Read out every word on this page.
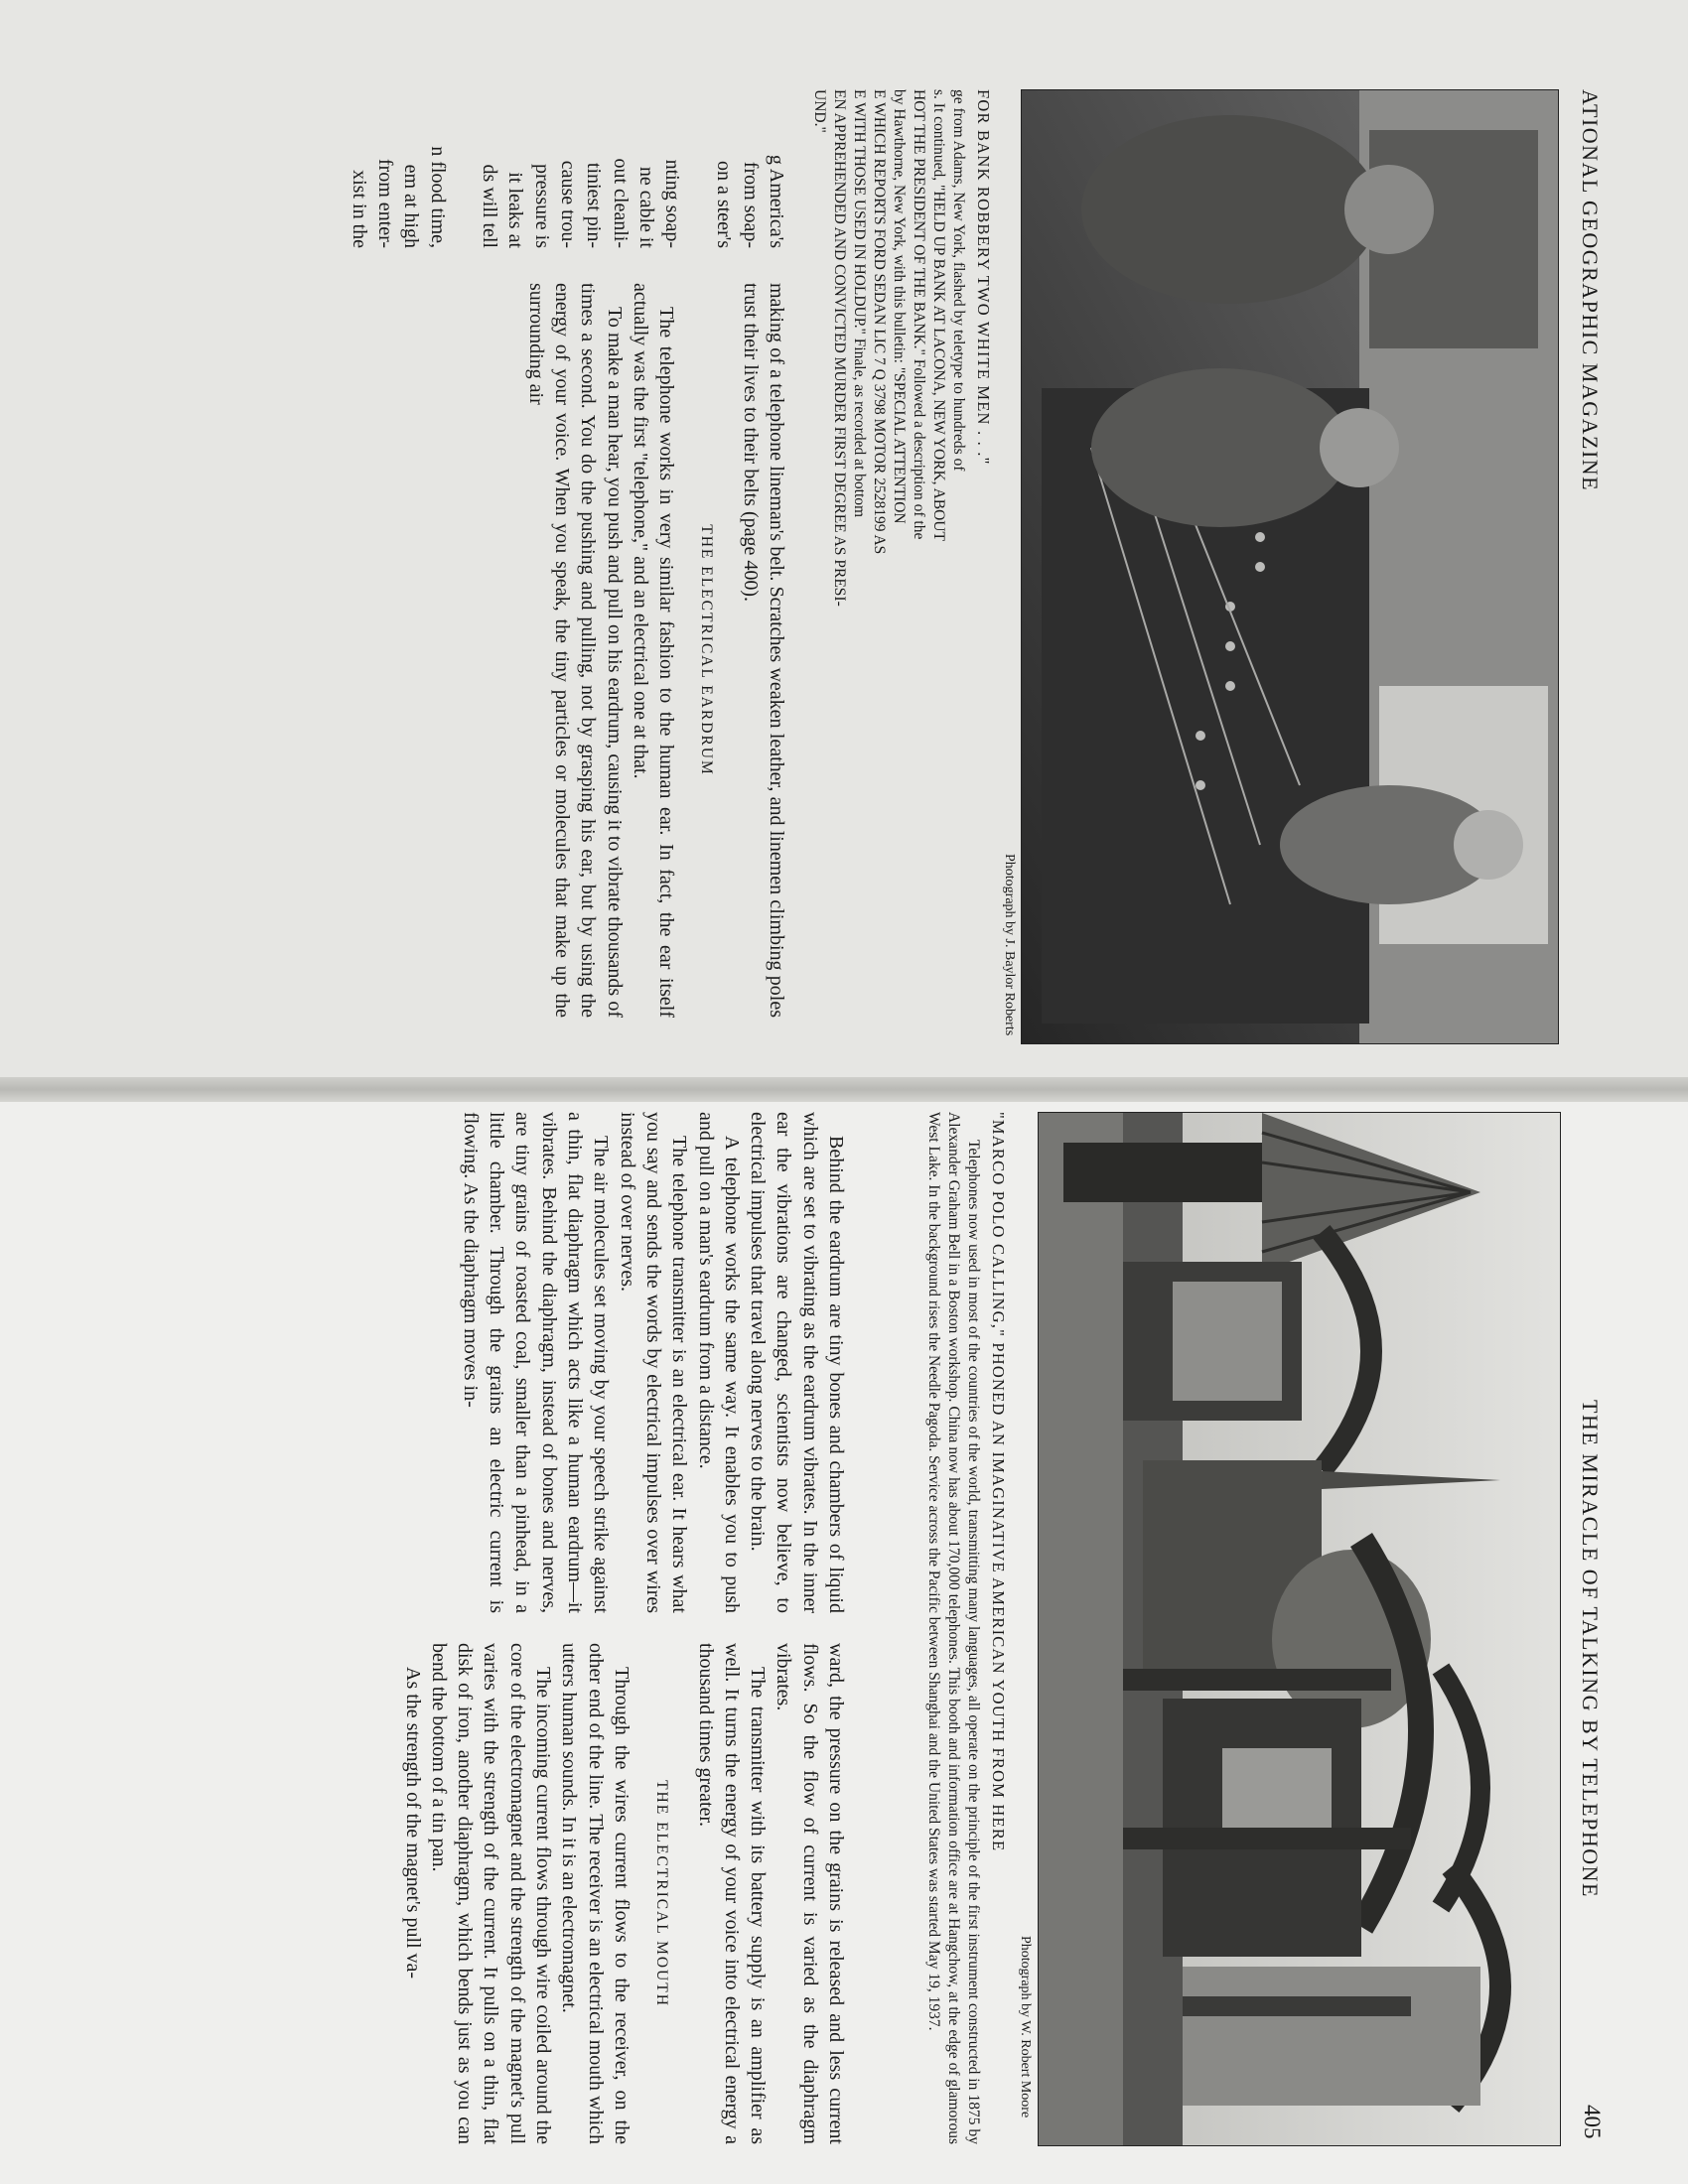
ATIONAL GEOGRAPHIC MAGAZINE
Photograph by J. Baylor Roberts
FOR BANK ROBBERY TWO WHITE MEN . . ."
ge from Adams, New York, flashed by teletype to hundreds of
s. It continued, "HELD UP BANK AT LACONA, NEW YORK, ABOUT
HOT THE PRESIDENT OF THE BANK." Followed a description of the
by Hawthorne, New York, with this bulletin: "SPECIAL ATTENTION
E WHICH REPORTS FORD SEDAN LIC 7 Q 3798 MOTOR 2528199 AS
E WITH THOSE USED IN HOLDUP." Finale, as recorded at bottom
EN APPREHENDED AND CONVICTED MURDER FIRST DEGREE AS PRESI-
UND."
g America's
from soap-
on a steer's
nting soap-
ne cable it
out cleanli-
tiniest pin-
cause trou-
pressure is
it leaks at
ds will tell
n flood time,
em at high
from enter-
xist in the

making of a telephone lineman's belt. Scratches weaken leather, and linemen climbing poles trust their lives to their belts (page 400).

THE ELECTRICAL EARDRUM

The telephone works in very similar fashion to the human ear. In fact, the ear itself actually was the first "telephone," and an electrical one at that.

To make a man hear, you push and pull on his eardrum, causing it to vibrate thousands of times a second. You do the pushing and pulling, not by grasping his ear, but by using the energy of your voice. When you speak, the tiny particles or molecules that make up the surrounding air

THE MIRACLE OF TALKING BY TELEPHONE
405
Photograph by W. Robert Moore
"MARCO POLO CALLING," PHONED AN IMAGINATIVE AMERICAN YOUTH FROM HERE

Telephones now used in most of the countries of the world, transmitting many languages, all operate on the principle of the first instrument constructed in 1875 by Alexander Graham Bell in a Boston workshop. China now has about 170,000 telephones. This booth and information office are at Hangchow, at the edge of glamorous West Lake. In the background rises the Needle Pagoda. Service across the Pacific between Shanghai and the United States was started May 19, 1937.

Behind the eardrum are tiny bones and chambers of liquid which are set to vibrating as the eardrum vibrates. In the inner ear the vibrations are changed, scientists now believe, to electrical impulses that travel along nerves to the brain.

A telephone works the same way. It enables you to push and pull on a man's eardrum from a distance.

The telephone transmitter is an electrical ear. It hears what you say and sends the words by electrical impulses over wires instead of over nerves.

The air molecules set moving by your speech strike against a thin, flat diaphragm which acts like a human eardrum—it vibrates. Behind the diaphragm, instead of bones and nerves, are tiny grains of roasted coal, smaller than a pinhead, in a little chamber. Through the grains an electric current is flowing. As the diaphragm moves in-

ward, the pressure on the grains is released and less current flows. So the flow of current is varied as the diaphragm vibrates.

The transmitter with its battery supply is an amplifier as well. It turns the energy of your voice into electrical energy a thousand times greater.

THE ELECTRICAL MOUTH

Through the wires current flows to the receiver, on the other end of the line. The receiver is an electrical mouth which utters human sounds. In it is an electromagnet.

The incoming current flows through wire coiled around the core of the electromagnet and the strength of the magnet's pull varies with the strength of the current. It pulls on a thin, flat disk of iron, another diaphragm, which bends just as you can bend the bottom of a tin pan.

As the strength of the magnet's pull va-
